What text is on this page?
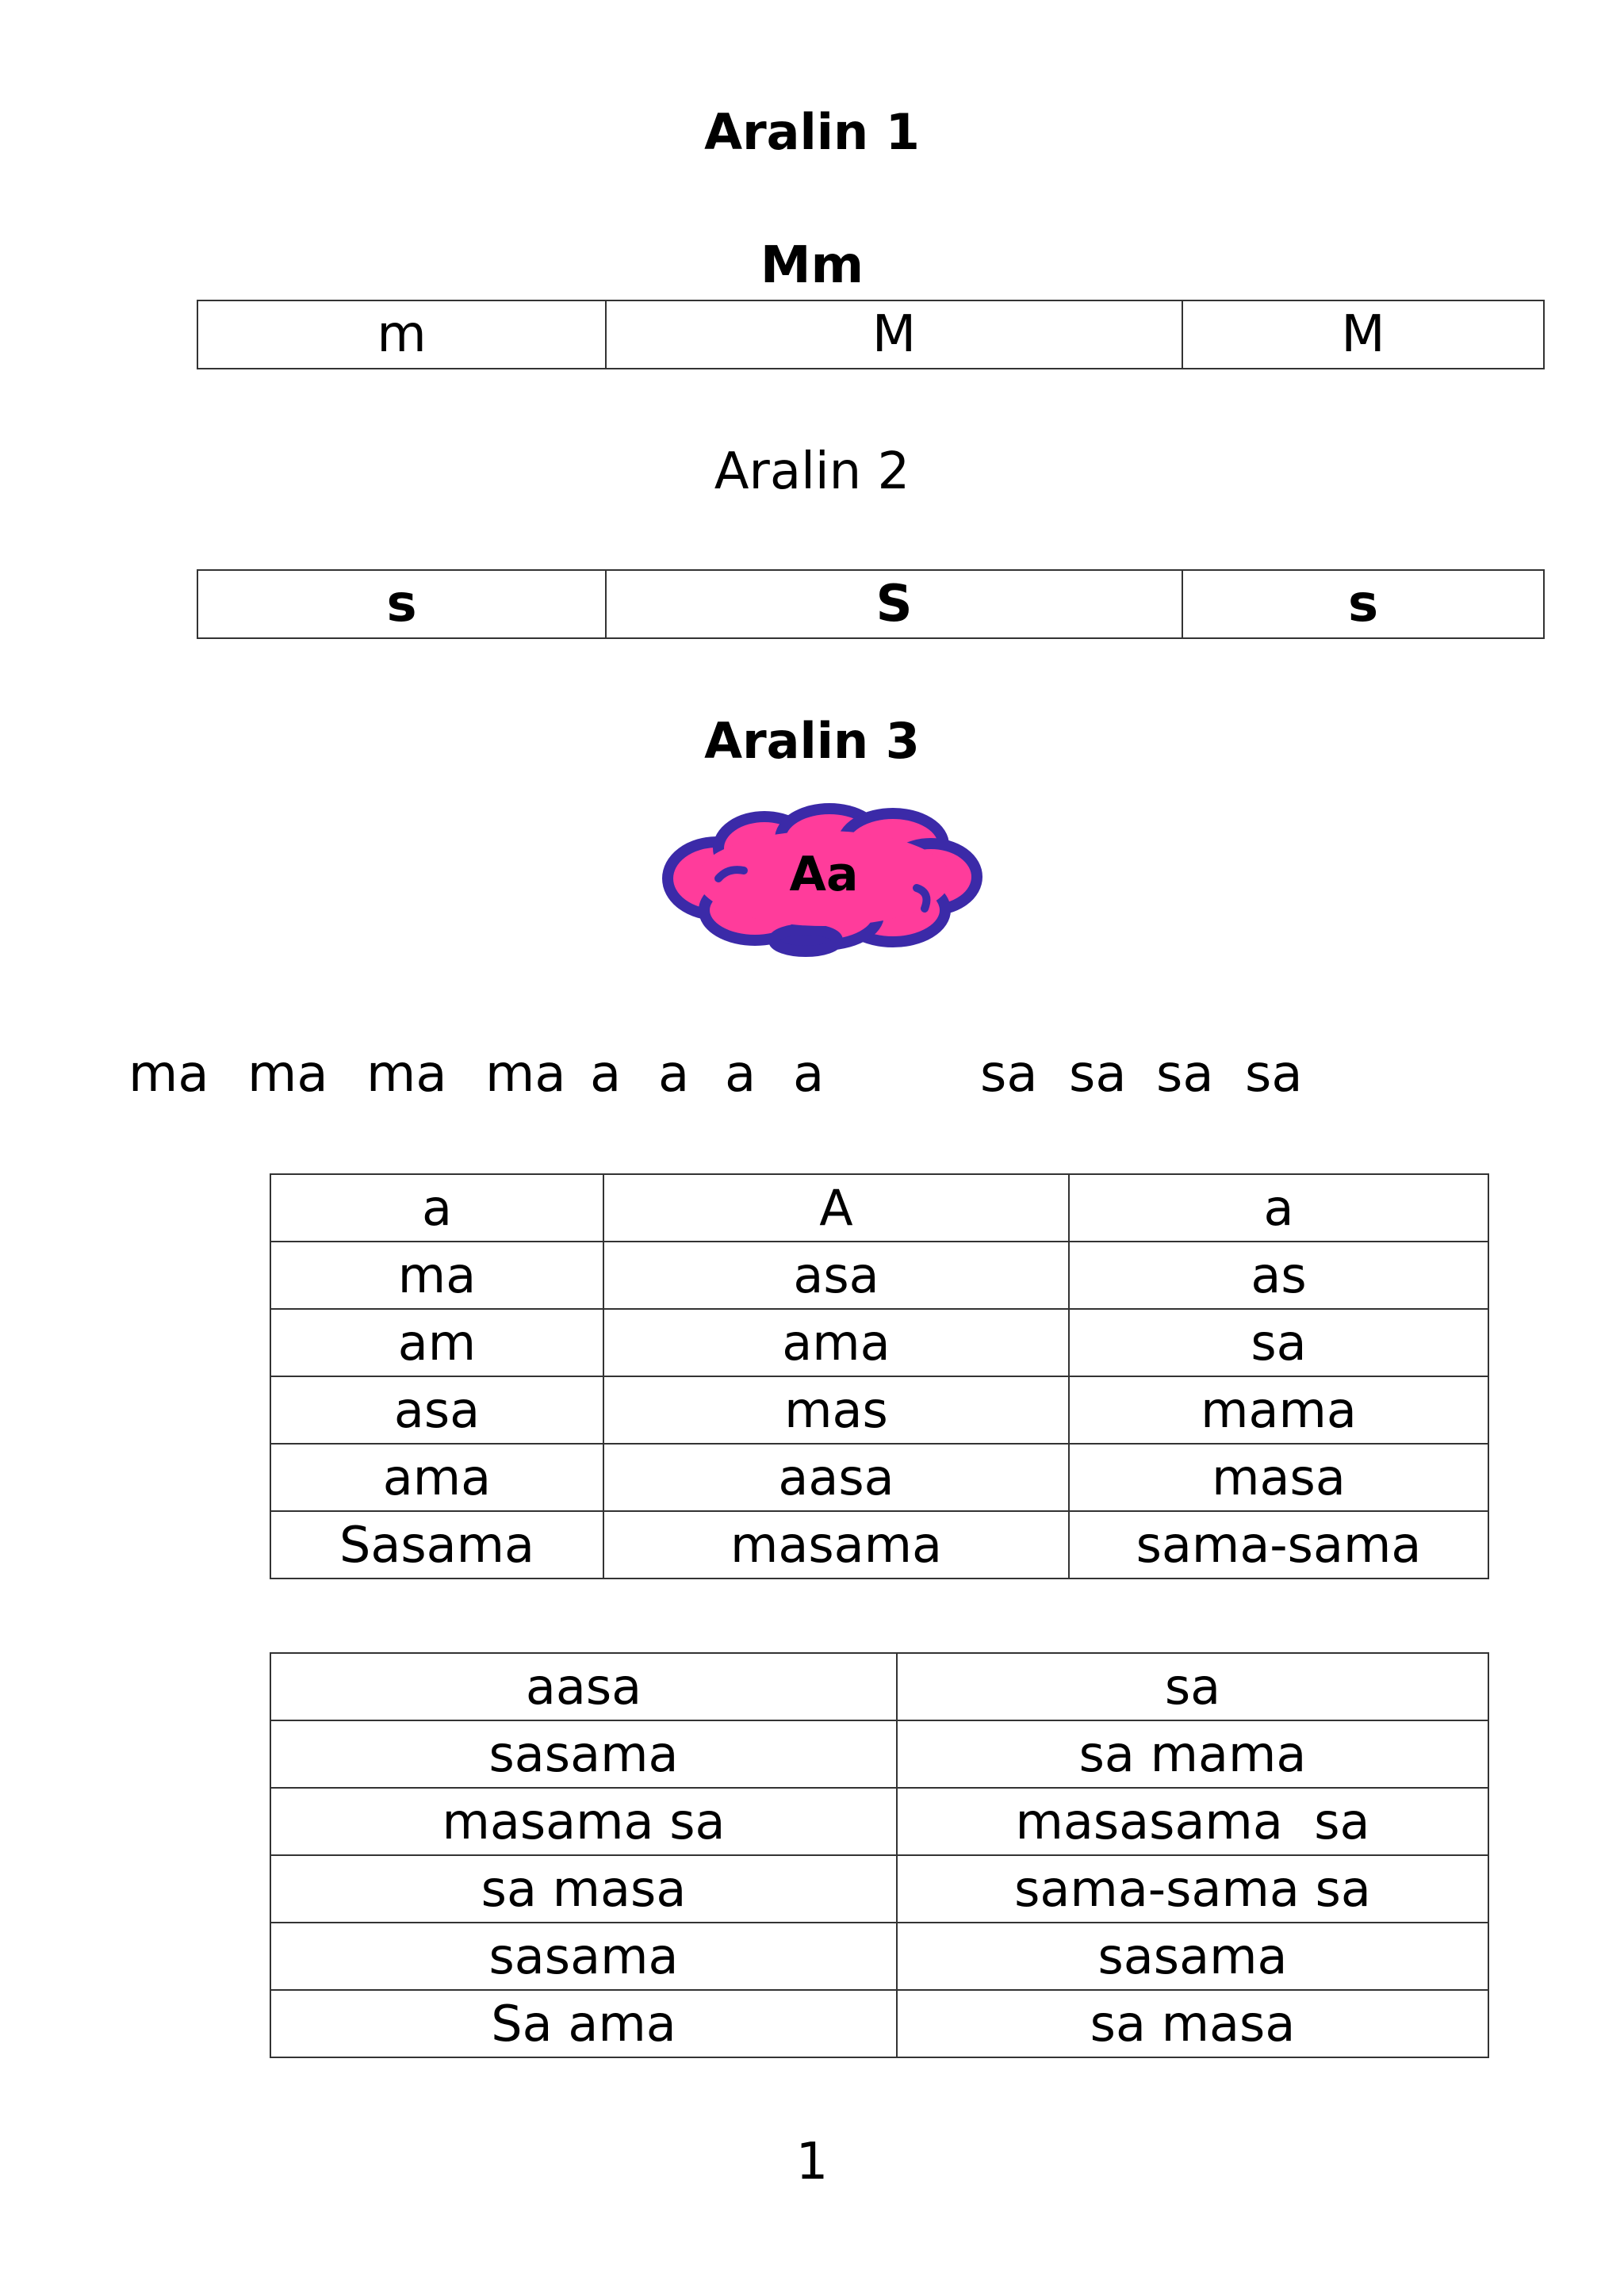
Aralin 1
Mm
m	M	M
Aralin 2
s	S	s
Aralin 3
Aa
ma ma ma ma a a a a	sa sa sa sa
a	A	a
ma	asa	as
am	ama	sa
asa	mas	mama
ama	aasa	masa
Sasama	masama	sama-sama
aasa	sa
sasama	sa mama
masama sa	masasama  sa
sa masa	sama-sama sa
sasama	sasama
Sa ama	sa masa
1
